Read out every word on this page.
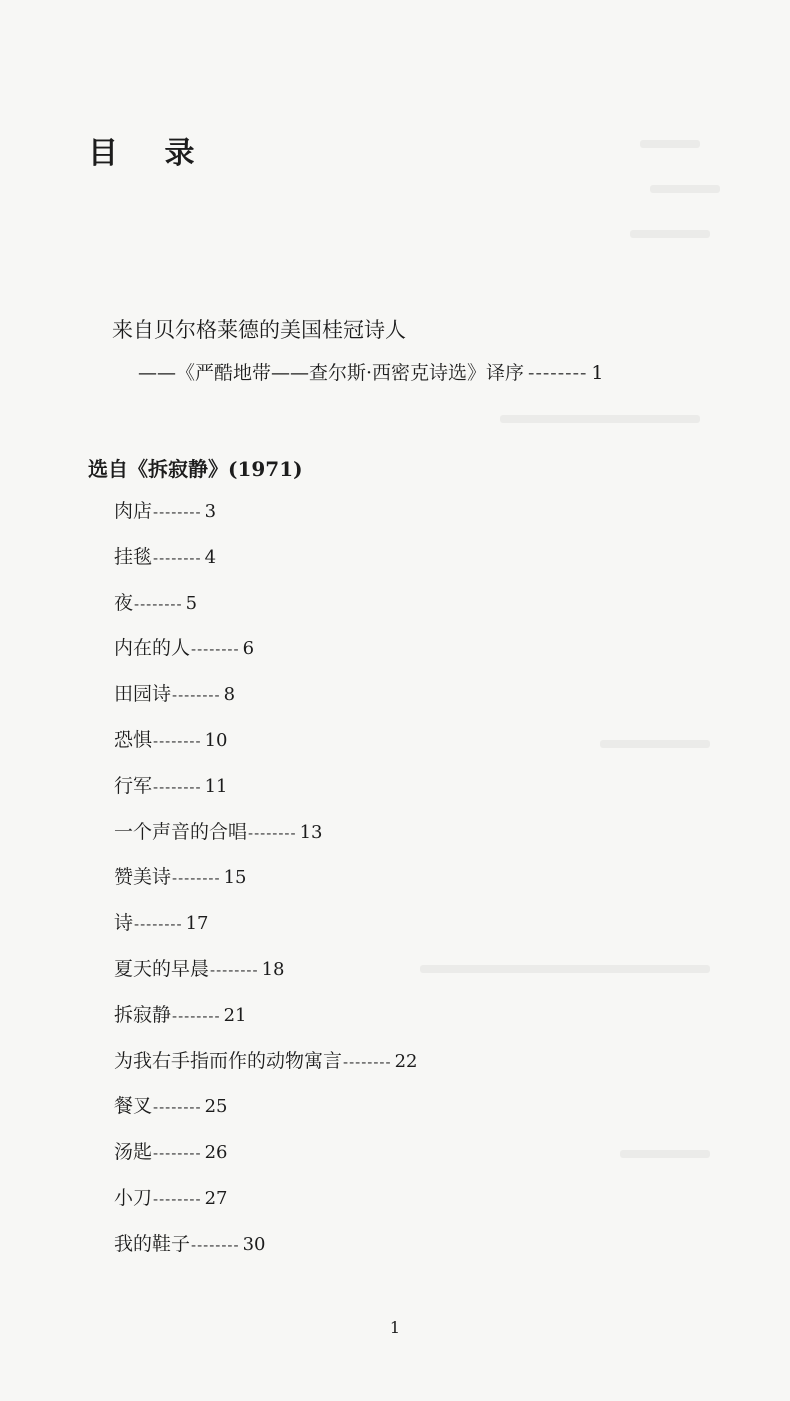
目 录
来自贝尔格莱德的美国桂冠诗人
——《严酷地带——查尔斯·西密克诗选》译序 -------- 1
选自《拆寂静》(1971)
肉店-------- 3
挂毯-------- 4
夜-------- 5
内在的人-------- 6
田园诗-------- 8
恐惧-------- 10
行军-------- 11
一个声音的合唱-------- 13
赞美诗-------- 15
诗-------- 17
夏天的早晨-------- 18
拆寂静-------- 21
为我右手指而作的动物寓言-------- 22
餐叉-------- 25
汤匙-------- 26
小刀-------- 27
我的鞋子-------- 30
1
